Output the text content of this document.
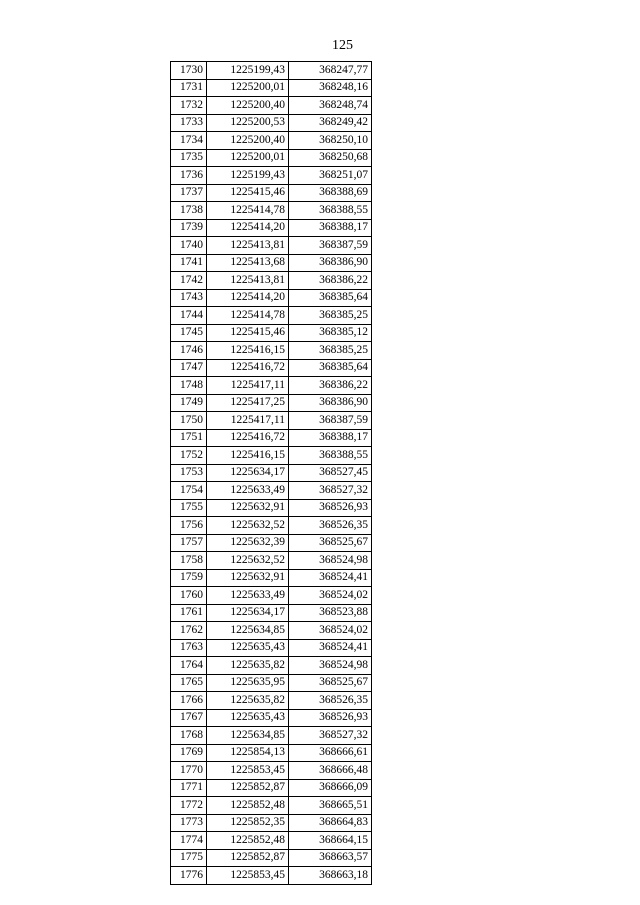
125
1730	1225199,43	368247,77
1731	1225200,01	368248,16
1732	1225200,40	368248,74
1733	1225200,53	368249,42
1734	1225200,40	368250,10
1735	1225200,01	368250,68
1736	1225199,43	368251,07
1737	1225415,46	368388,69
1738	1225414,78	368388,55
1739	1225414,20	368388,17
1740	1225413,81	368387,59
1741	1225413,68	368386,90
1742	1225413,81	368386,22
1743	1225414,20	368385,64
1744	1225414,78	368385,25
1745	1225415,46	368385,12
1746	1225416,15	368385,25
1747	1225416,72	368385,64
1748	1225417,11	368386,22
1749	1225417,25	368386,90
1750	1225417,11	368387,59
1751	1225416,72	368388,17
1752	1225416,15	368388,55
1753	1225634,17	368527,45
1754	1225633,49	368527,32
1755	1225632,91	368526,93
1756	1225632,52	368526,35
1757	1225632,39	368525,67
1758	1225632,52	368524,98
1759	1225632,91	368524,41
1760	1225633,49	368524,02
1761	1225634,17	368523,88
1762	1225634,85	368524,02
1763	1225635,43	368524,41
1764	1225635,82	368524,98
1765	1225635,95	368525,67
1766	1225635,82	368526,35
1767	1225635,43	368526,93
1768	1225634,85	368527,32
1769	1225854,13	368666,61
1770	1225853,45	368666,48
1771	1225852,87	368666,09
1772	1225852,48	368665,51
1773	1225852,35	368664,83
1774	1225852,48	368664,15
1775	1225852,87	368663,57
1776	1225853,45	368663,18
